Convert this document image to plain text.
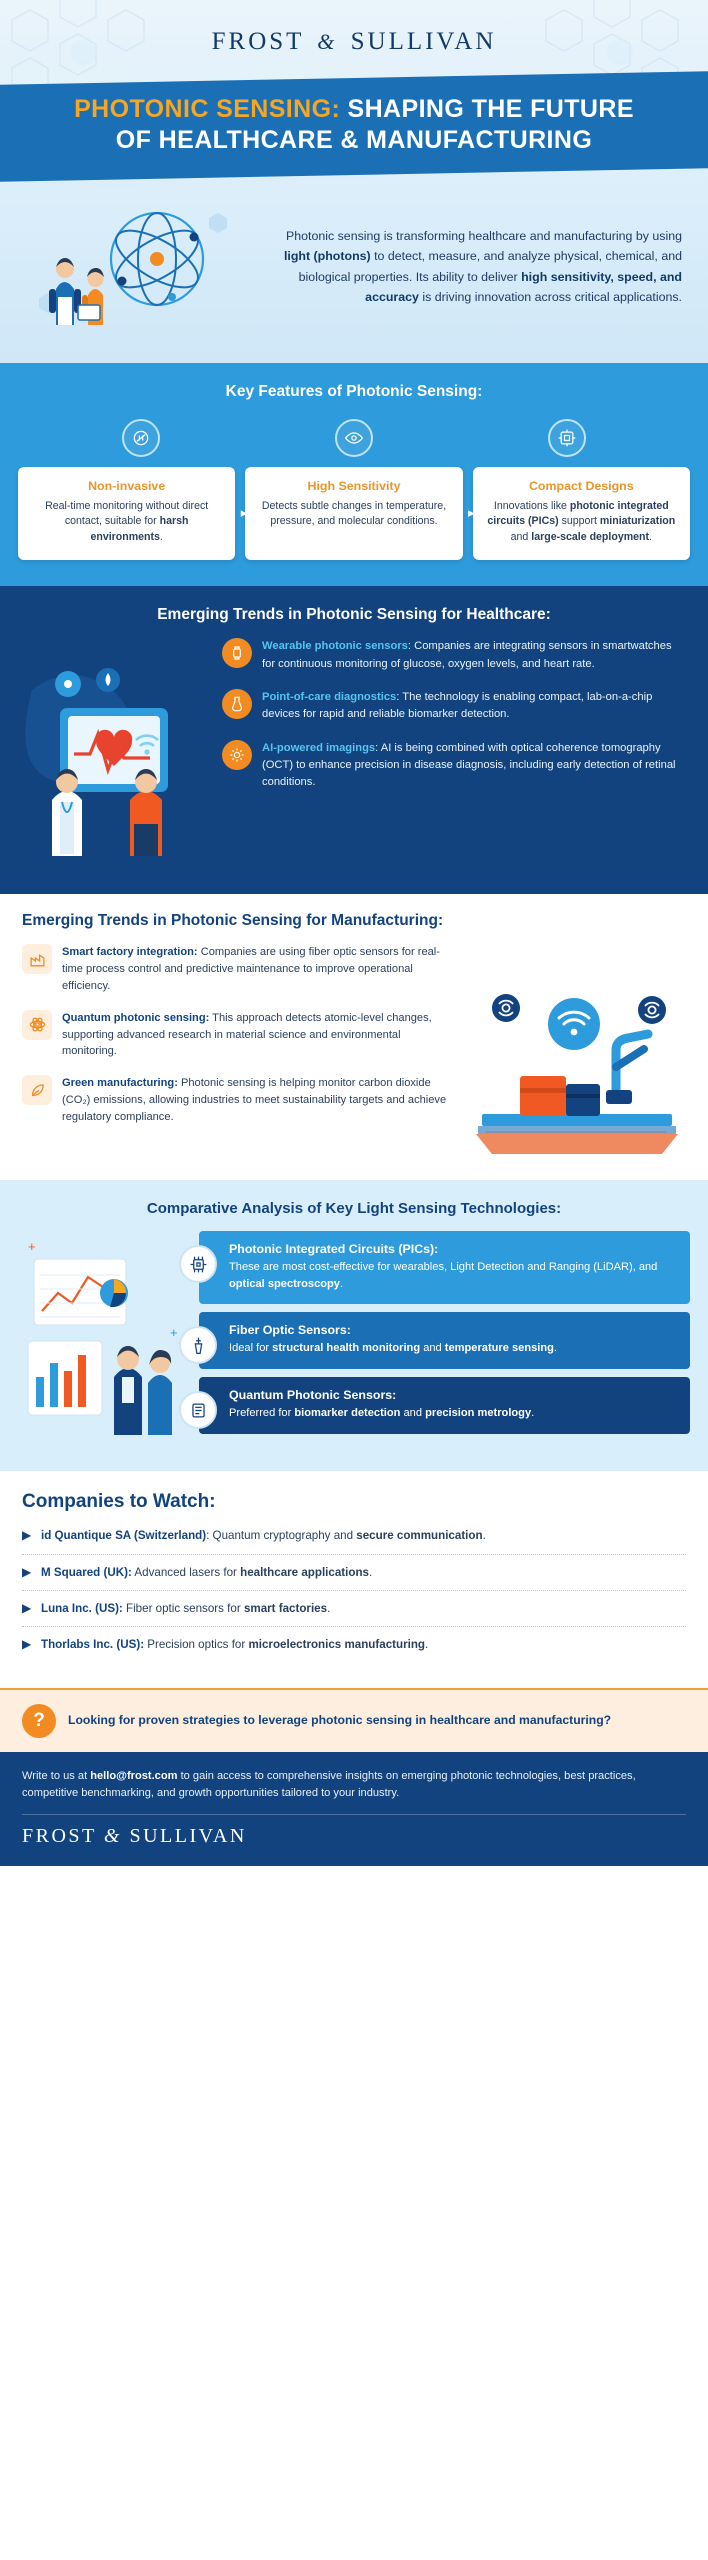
FROST & SULLIVAN
PHOTONIC SENSING: SHAPING THE FUTURE
OF HEALTHCARE & MANUFACTURING
Photonic sensing is transforming healthcare and manufacturing by using light (photons) to detect, measure, and analyze physical, chemical, and biological properties. Its ability to deliver high sensitivity, speed, and accuracy is driving innovation across critical applications.
Key Features of Photonic Sensing:
Non-invasive

Real-time monitoring without direct contact, suitable for harsh environments.

▸
High Sensitivity

Detects subtle changes in temperature, pressure, and molecular conditions.

▸
Compact Designs

Innovations like photonic integrated circuits (PICs) support miniaturization and large-scale deployment.

Emerging Trends in Photonic Sensing for Healthcare:

Wearable photonic sensors: Companies are integrating sensors in smartwatches for continuous monitoring of glucose, oxygen levels, and heart rate.

Point-of-care diagnostics: The technology is enabling compact, lab-on-a-chip devices for rapid and reliable biomarker detection.

AI-powered imagings: AI is being combined with optical coherence tomography (OCT) to enhance precision in disease diagnosis, including early detection of retinal conditions.

Emerging Trends in Photonic Sensing for Manufacturing:

Smart factory integration: Companies are using fiber optic sensors for real-time process control and predictive maintenance to improve operational efficiency.

Quantum photonic sensing: This approach detects atomic-level changes, supporting advanced research in material science and environmental monitoring.

Green manufacturing: Photonic sensing is helping monitor carbon dioxide (CO₂) emissions, allowing industries to meet sustainability targets and achieve regulatory compliance.

Comparative Analysis of Key Light Sensing Technologies:
+
+
Photonic Integrated Circuits (PICs):

These are most cost-effective for wearables, Light Detection and Ranging (LiDAR), and optical spectroscopy.

Fiber Optic Sensors:

Ideal for structural health monitoring and temperature sensing.

Quantum Photonic Sensors:

Preferred for biomarker detection and precision metrology.

Companies to Watch:
▶ id Quantique SA (Switzerland): Quantum cryptography and secure communication.

▶ M Squared (UK): Advanced lasers for healthcare applications.

▶ Luna Inc. (US): Fiber optic sensors for smart factories.

▶ Thorlabs Inc. (US): Precision optics for microelectronics manufacturing.

?	Looking for proven strategies to leverage photonic sensing in healthcare and manufacturing?

Write to us at hello@frost.com to gain access to comprehensive insights on emerging photonic technologies, best practices, competitive benchmarking, and growth opportunities tailored to your industry.

FROST & SULLIVAN
